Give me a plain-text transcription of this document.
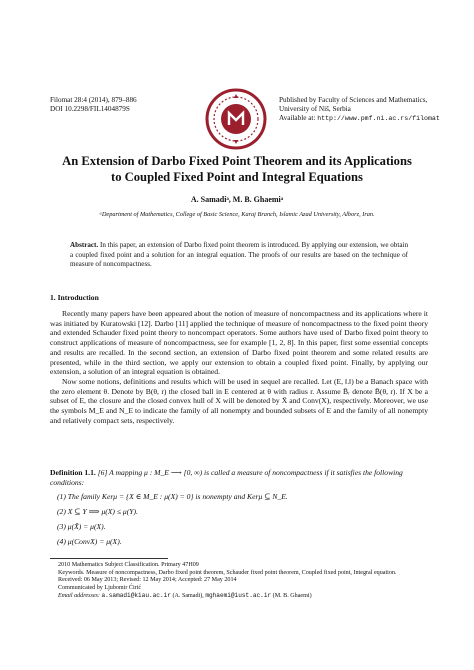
Filomat 28:4 (2014), 879–886
DOI 10.2298/FIL1404879S
Published by Faculty of Sciences and Mathematics,
University of Niš, Serbia
Available at: http://www.pmf.ni.ac.rs/filomat
An Extension of Darbo Fixed Point Theorem and its Applications
to Coupled Fixed Point and Integral Equations
A. Samadiᵃ, M. B. Ghaemiᵃ
ᵃDepartment of Mathematics, College of Basic Science, Karaj Branch, Islamic Azad University, Alborz, Iran.
Abstract. In this paper, an extension of Darbo fixed point theorem is introduced. By applying our extension, we obtain a coupled fixed point and a solution for an integral equation. The proofs of our results are based on the technique of measure of noncompactness.
1. Introduction

Recently many papers have been appeared about the notion of measure of noncompactness and its applications where it was initiated by Kuratowski [12]. Darbo [11] applied the technique of measure of noncompactness to the fixed point theory and extended Schauder fixed point theory to noncompact operators. Some authors have used of Darbo fixed point theory to construct applications of measure of noncompactness, see for example [1, 2, 8]. In this paper, first some essential concepts and results are recalled. In the second section, an extension of Darbo fixed point theorem and some related results are presented, while in the third section, we apply our extension to obtain a coupled fixed point. Finally, by applying our extension, a solution of an integral equation is obtained.

Now some notions, definitions and results which will be used in sequel are recalled. Let (E, ‖.‖) be a Banach space with the zero element θ. Denote by B(θ, r) the closed ball in E centered at θ with radius r. Assume B̄ᵣ denote B̄(θ, r). If X be a subset of E, the closure and the closed convex hull of X will be denoted by X̄ and Conv(X), respectively. Moreover, we use the symbols M_E and N_E to indicate the family of all nonempty and bounded subsets of E and the family of all nonempty and relatively compact sets, respectively.

Definition 1.1. [6] A mapping μ : M_E ⟶ [0, ∞) is called a measure of noncompactness if it satisfies the following conditions:
(1) The family Kerμ = {X ∈ M_E : μ(X) = 0} is nonempty and Kerμ ⊆ N_E.
(2) X ⊆ Y ⟹ μ(X) ≤ μ(Y).
(3) μ(X̄) = μ(X).
(4) μ(ConvX) = μ(X).
2010 Mathematics Subject Classification. Primary 47H09
Keywords. Measure of noncompactness, Darbo fixed point theorem, Schauder fixed point theorem, Coupled fixed point, Integral equation.
Received: 06 May 2013; Revised: 12 May 2014; Accepted: 27 May 2014
Communicated by Ljubomir Ćirić
Email addresses: a.samadi@kiau.ac.ir (A. Samadi), mghaemi@iust.ac.ir (M. B. Ghaemi)
